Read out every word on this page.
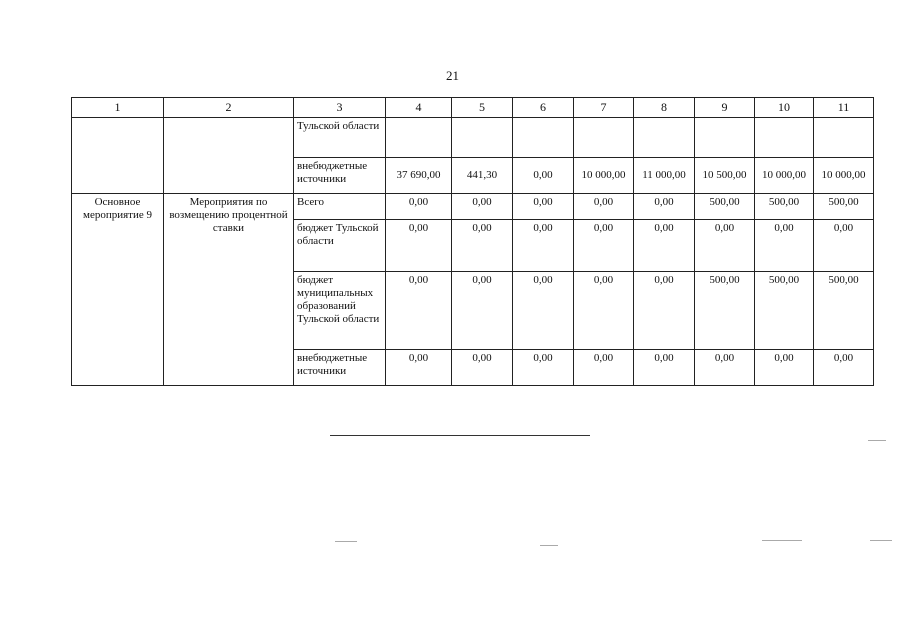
21
1	2	3	4	5	6	7	8	9	10	11
		Тульской области								
		внебюджетные источники	37 690,00	441,30	0,00	10 000,00	11 000,00	10 500,00	10 000,00	10 000,00
Основное мероприятие 9	Мероприятия по возмещению процентной ставки	Всего	0,00	0,00	0,00	0,00	0,00	500,00	500,00	500,00
		бюджет Тульской области	0,00	0,00	0,00	0,00	0,00	0,00	0,00	0,00
		бюджет муниципальных образований Тульской области	0,00	0,00	0,00	0,00	0,00	500,00	500,00	500,00
		внебюджетные источники	0,00	0,00	0,00	0,00	0,00	0,00	0,00	0,00
